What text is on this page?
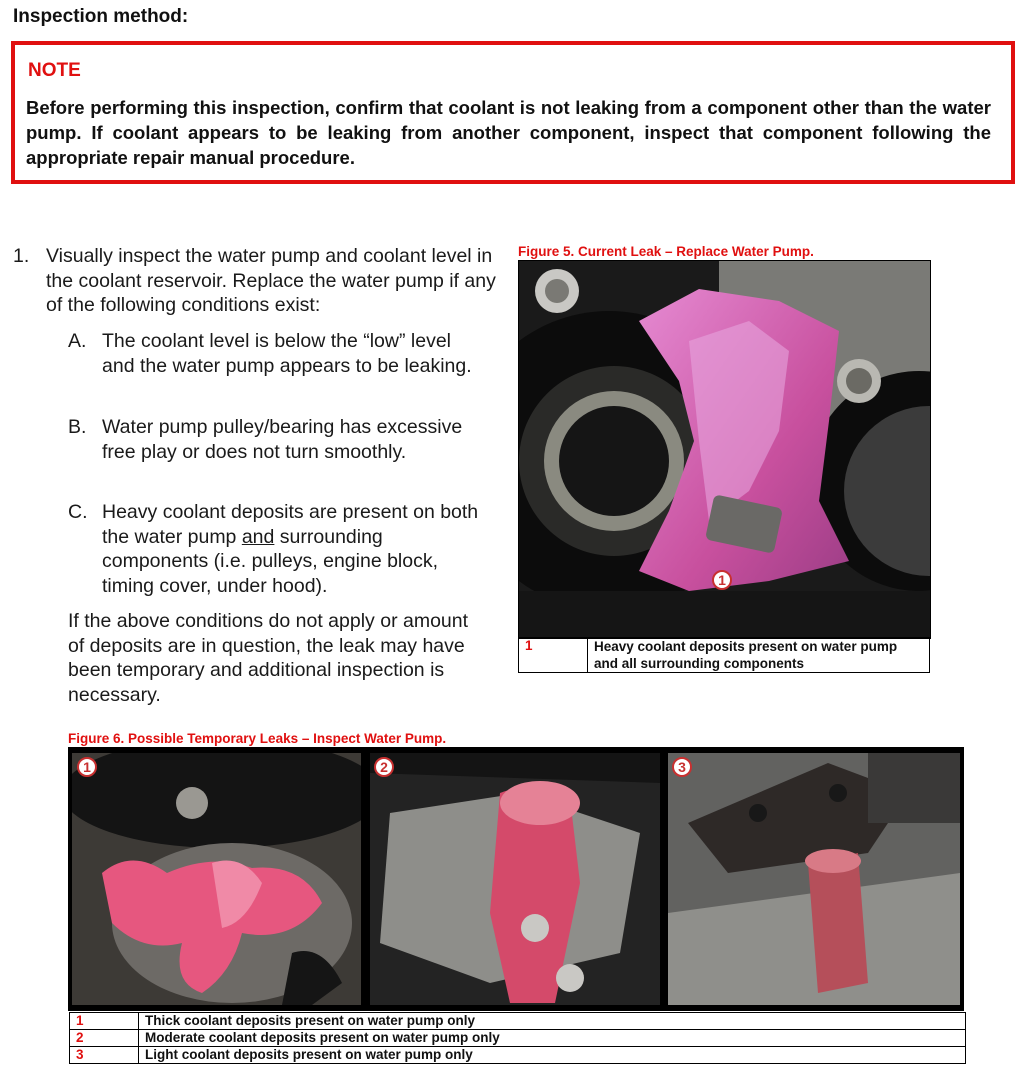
Inspection method:
NOTE
Before performing this inspection, confirm that coolant is not leaking from a component other than the water pump. If coolant appears to be leaking from another component, inspect that component following the appropriate repair manual procedure.
1. Visually inspect the water pump and coolant level in the coolant reservoir. Replace the water pump if any of the following conditions exist:
A. The coolant level is below the “low” level and the water pump appears to be leaking.
B. Water pump pulley/bearing has excessive free play or does not turn smoothly.
C. Heavy coolant deposits are present on both the water pump and surrounding components (i.e. pulleys, engine block, timing cover, under hood).
If the above conditions do not apply or amount of deposits are in question, the leak may have been temporary and additional inspection is necessary.
Figure 5. Current Leak – Replace Water Pump.
1
1	Heavy coolant deposits present on water pump and all surrounding components
Figure 6. Possible Temporary Leaks – Inspect Water Pump.
1	2	3
1	Thick coolant deposits present on water pump only
2	Moderate coolant deposits present on water pump only
3	Light coolant deposits present on water pump only
